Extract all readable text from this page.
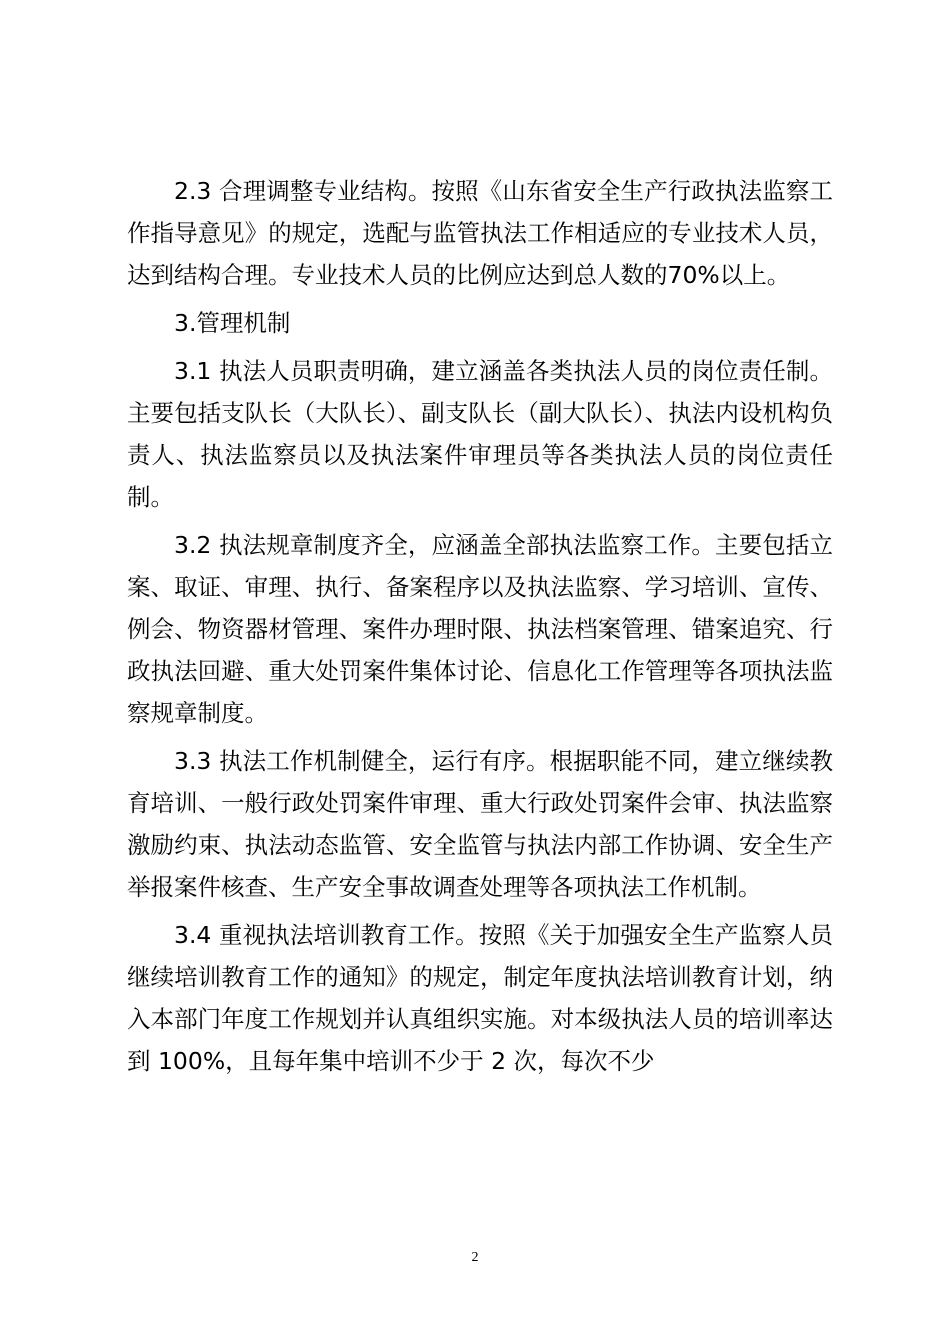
2.3 合理调整专业结构。按照《山东省安全生产行政执法监察工作指导意见》的规定，选配与监管执法工作相适应的专业技术人员，达到结构合理。专业技术人员的比例应达到总人数的70%以上。

3.管理机制

3.1 执法人员职责明确，建立涵盖各类执法人员的岗位责任制。主要包括支队长（大队长）、副支队长（副大队长）、执法内设机构负责人、执法监察员以及执法案件审理员等各类执法人员的岗位责任制。

3.2 执法规章制度齐全，应涵盖全部执法监察工作。主要包括立案、取证、审理、执行、备案程序以及执法监察、学习培训、宣传、例会、物资器材管理、案件办理时限、执法档案管理、错案追究、行政执法回避、重大处罚案件集体讨论、信息化工作管理等各项执法监察规章制度。

3.3 执法工作机制健全，运行有序。根据职能不同，建立继续教育培训、一般行政处罚案件审理、重大行政处罚案件会审、执法监察激励约束、执法动态监管、安全监管与执法内部工作协调、安全生产举报案件核查、生产安全事故调查处理等各项执法工作机制。

3.4 重视执法培训教育工作。按照《关于加强安全生产监察人员继续培训教育工作的通知》的规定，制定年度执法培训教育计划，纳入本部门年度工作规划并认真组织实施。对本级执法人员的培训率达到 100%，且每年集中培训不少于 2 次，每次不少

2
